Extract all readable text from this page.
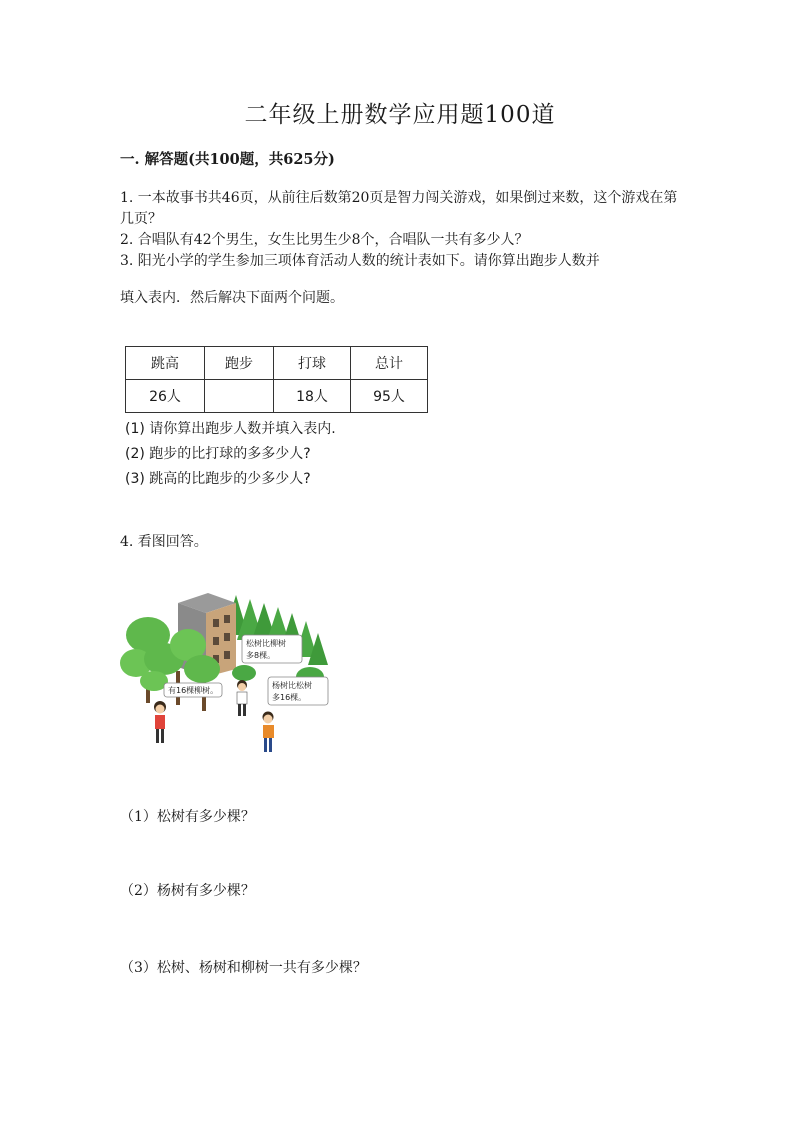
二年级上册数学应用题100道
一. 解答题(共100题，共625分)
1. 一本故事书共46页，从前往后数第20页是智力闯关游戏，如果倒过来数，这个游戏在第几页？
2. 合唱队有42个男生，女生比男生少8个，合唱队一共有多少人？
3. 阳光小学的学生参加三项体育活动人数的统计表如下。请你算出跑步人数并
填入表内．然后解决下面两个问题。
跳高	跑步	打球	总计
26人		18人	95人
(1) 请你算出跑步人数并填入表内.
(2) 跑步的比打球的多多少人?
(3) 跳高的比跑步的少多少人?
4. 看图回答。
有16棵柳树。
松树比柳树
多8棵。
杨树比松树
多16棵。
（1）松树有多少棵？
（2）杨树有多少棵？
（3）松树、杨树和柳树一共有多少棵？
